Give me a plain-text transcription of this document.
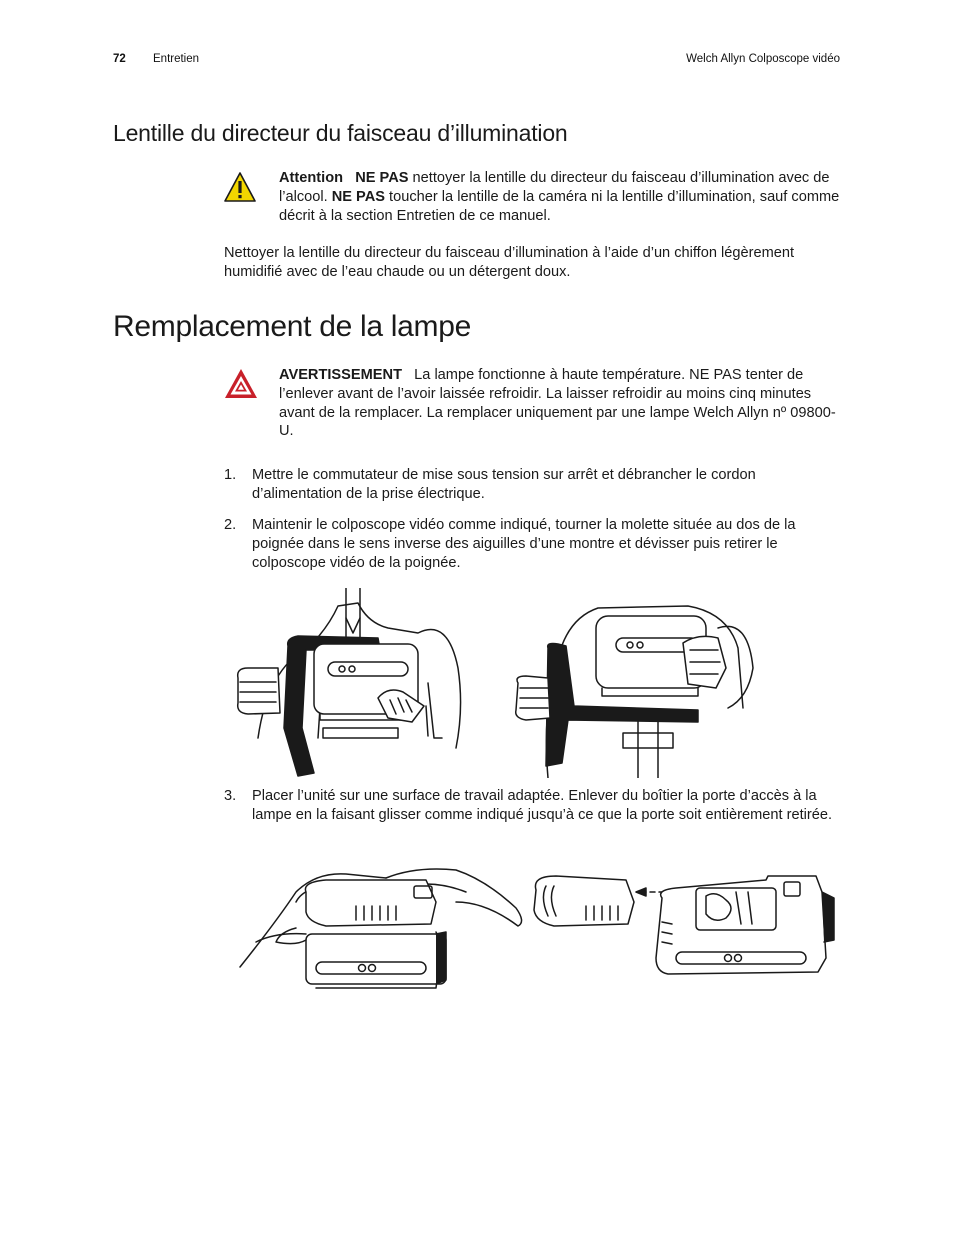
72 Entretien	Welch Allyn Colposcope vidéo
Lentille du directeur du faisceau d’illumination
Attention NE PAS nettoyer la lentille du directeur du faisceau d’illumination avec de l’alcool. NE PAS toucher la lentille de la caméra ni la lentille d’illumination, sauf comme décrit à la section Entretien de ce manuel.
Nettoyer la lentille du directeur du faisceau d’illumination à l’aide d’un chiffon légèrement humidifié avec de l’eau chaude ou un détergent doux.
Remplacement de la lampe
AVERTISSEMENT La lampe fonctionne à haute température. NE PAS tenter de l’enlever avant de l’avoir laissée refroidir. La laisser refroidir au moins cinq minutes avant de la remplacer. La remplacer uniquement par une lampe Welch Allyn nº 09800-U.
1. Mettre le commutateur de mise sous tension sur arrêt et débrancher le cordon d’alimentation de la prise électrique.
2. Maintenir le colposcope vidéo comme indiqué, tourner la molette située au dos de la poignée dans le sens inverse des aiguilles d’une montre et dévisser puis retirer le colposcope vidéo de la poignée.
3. Placer l’unité sur une surface de travail adaptée. Enlever du boîtier la porte d’accès à la lampe en la faisant glisser comme indiqué jusqu’à ce que la porte soit entièrement retirée.
